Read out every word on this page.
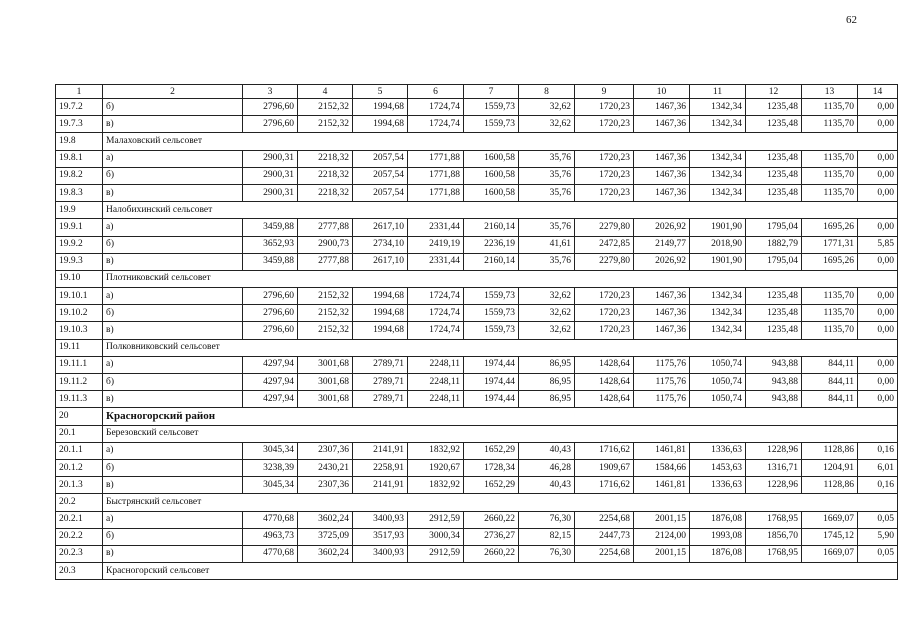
62
1	2	3	4	5	6	7	8	9	10	11	12	13	14
19.7.2	б)	2796,60	2152,32	1994,68	1724,74	1559,73	32,62	1720,23	1467,36	1342,34	1235,48	1135,70	0,00
19.7.3	в)	2796,60	2152,32	1994,68	1724,74	1559,73	32,62	1720,23	1467,36	1342,34	1235,48	1135,70	0,00
19.8	Малаховский сельсовет												
19.8.1	а)	2900,31	2218,32	2057,54	1771,88	1600,58	35,76	1720,23	1467,36	1342,34	1235,48	1135,70	0,00
19.8.2	б)	2900,31	2218,32	2057,54	1771,88	1600,58	35,76	1720,23	1467,36	1342,34	1235,48	1135,70	0,00
19.8.3	в)	2900,31	2218,32	2057,54	1771,88	1600,58	35,76	1720,23	1467,36	1342,34	1235,48	1135,70	0,00
19.9	Налобихинский сельсовет												
19.9.1	а)	3459,88	2777,88	2617,10	2331,44	2160,14	35,76	2279,80	2026,92	1901,90	1795,04	1695,26	0,00
19.9.2	б)	3652,93	2900,73	2734,10	2419,19	2236,19	41,61	2472,85	2149,77	2018,90	1882,79	1771,31	5,85
19.9.3	в)	3459,88	2777,88	2617,10	2331,44	2160,14	35,76	2279,80	2026,92	1901,90	1795,04	1695,26	0,00
19.10	Плотниковский сельсовет												
19.10.1	а)	2796,60	2152,32	1994,68	1724,74	1559,73	32,62	1720,23	1467,36	1342,34	1235,48	1135,70	0,00
19.10.2	б)	2796,60	2152,32	1994,68	1724,74	1559,73	32,62	1720,23	1467,36	1342,34	1235,48	1135,70	0,00
19.10.3	в)	2796,60	2152,32	1994,68	1724,74	1559,73	32,62	1720,23	1467,36	1342,34	1235,48	1135,70	0,00
19.11	Полковниковский сельсовет												
19.11.1	а)	4297,94	3001,68	2789,71	2248,11	1974,44	86,95	1428,64	1175,76	1050,74	943,88	844,11	0,00
19.11.2	б)	4297,94	3001,68	2789,71	2248,11	1974,44	86,95	1428,64	1175,76	1050,74	943,88	844,11	0,00
19.11.3	в)	4297,94	3001,68	2789,71	2248,11	1974,44	86,95	1428,64	1175,76	1050,74	943,88	844,11	0,00
20	Красногорский район												
20.1	Березовский сельсовет												
20.1.1	а)	3045,34	2307,36	2141,91	1832,92	1652,29	40,43	1716,62	1461,81	1336,63	1228,96	1128,86	0,16
20.1.2	б)	3238,39	2430,21	2258,91	1920,67	1728,34	46,28	1909,67	1584,66	1453,63	1316,71	1204,91	6,01
20.1.3	в)	3045,34	2307,36	2141,91	1832,92	1652,29	40,43	1716,62	1461,81	1336,63	1228,96	1128,86	0,16
20.2	Быстрянский сельсовет												
20.2.1	а)	4770,68	3602,24	3400,93	2912,59	2660,22	76,30	2254,68	2001,15	1876,08	1768,95	1669,07	0,05
20.2.2	б)	4963,73	3725,09	3517,93	3000,34	2736,27	82,15	2447,73	2124,00	1993,08	1856,70	1745,12	5,90
20.2.3	в)	4770,68	3602,24	3400,93	2912,59	2660,22	76,30	2254,68	2001,15	1876,08	1768,95	1669,07	0,05
20.3	Красногорский сельсовет												
